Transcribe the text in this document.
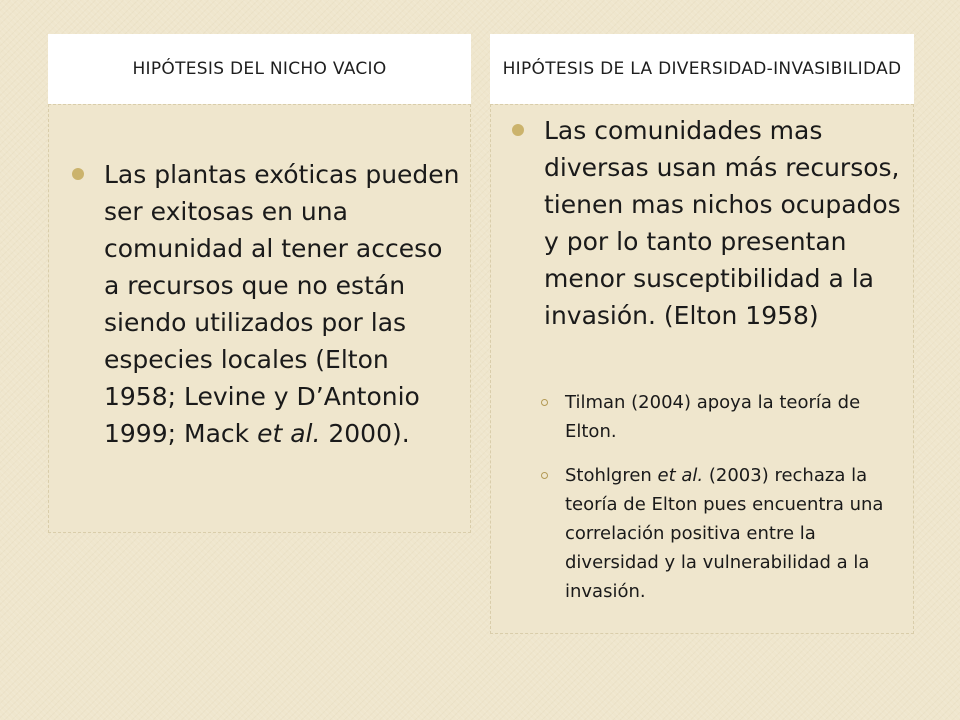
HIPÓTESIS DEL NICHO VACIO	HIPÓTESIS DE LA DIVERSIDAD-INVASIBILIDAD
Las plantas exóticas pueden ser exitosas en una comunidad al tener acceso a recursos que no están siendo utilizados por las especies locales (Elton 1958; Levine y D’Antonio 1999; Mack et al. 2000).
Las comunidades mas diversas usan más recursos, tienen mas nichos ocupados y por lo tanto presentan menor susceptibilidad a la invasión. (Elton 1958)
Tilman (2004) apoya la teoría de Elton.
Stohlgren et al. (2003) rechaza la teoría de Elton pues encuentra una correlación positiva entre la diversidad y la vulnerabilidad a la invasión.
